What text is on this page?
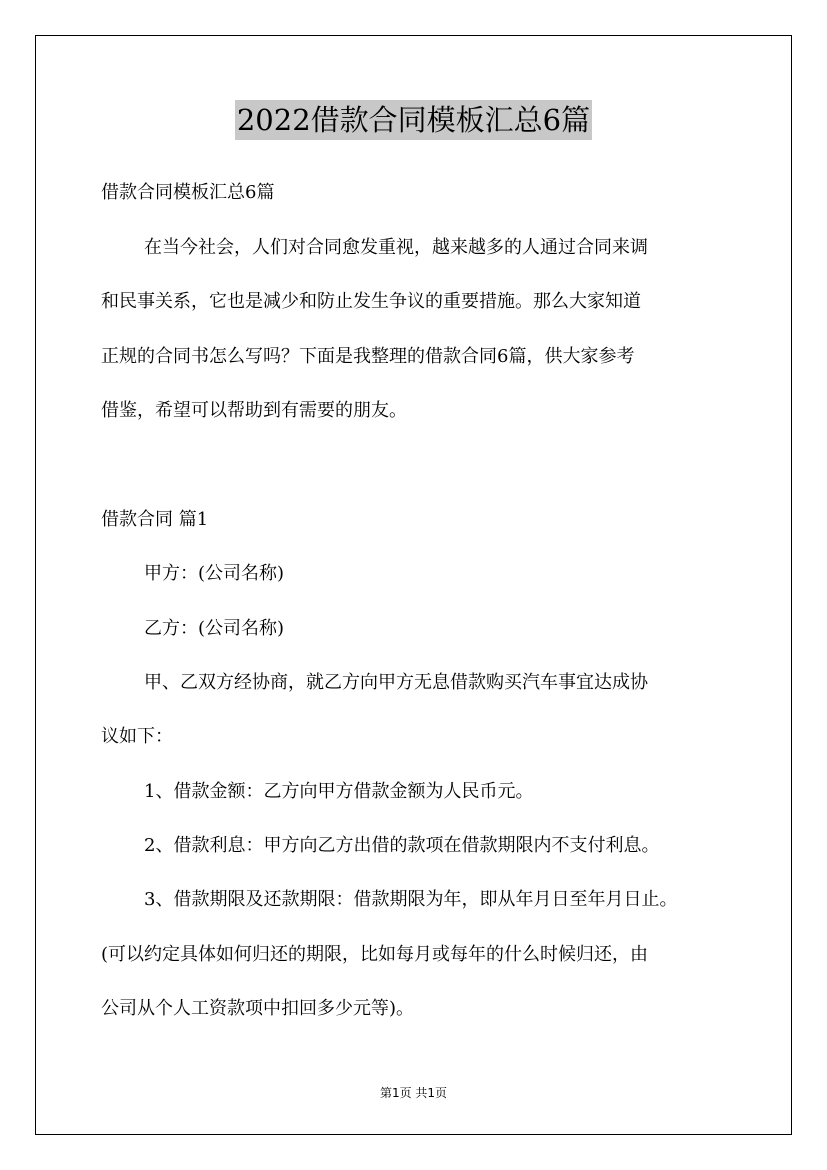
2022借款合同模板汇总6篇
借款合同模板汇总6篇
在当今社会，人们对合同愈发重视，越来越多的人通过合同来调
和民事关系，它也是减少和防止发生争议的重要措施。那么大家知道
正规的合同书怎么写吗？下面是我整理的借款合同6篇，供大家参考
借鉴，希望可以帮助到有需要的朋友。
借款合同 篇1
甲方：(公司名称)
乙方：(公司名称)
甲、乙双方经协商，就乙方向甲方无息借款购买汽车事宜达成协
议如下：
1、借款金额：乙方向甲方借款金额为人民币元。
2、借款利息：甲方向乙方出借的款项在借款期限内不支付利息。
3、借款期限及还款期限：借款期限为年，即从年月日至年月日止。
(可以约定具体如何归还的期限，比如每月或每年的什么时候归还，由
公司从个人工资款项中扣回多少元等)。
第1页 共1页
